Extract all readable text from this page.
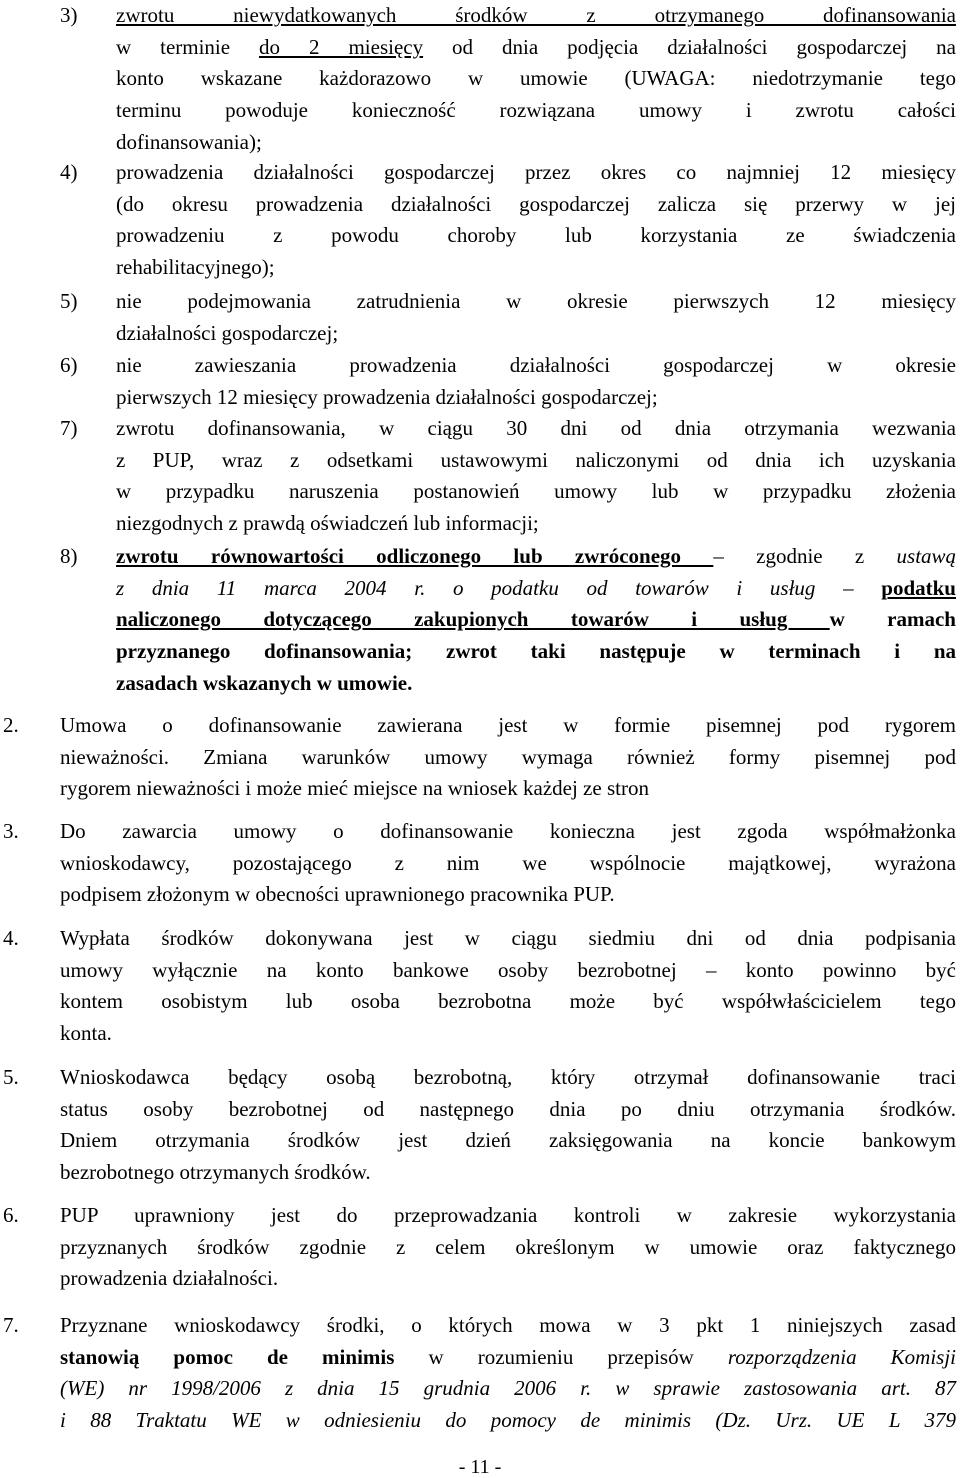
3) zwrotu niewydatkowanych środków z otrzymanego dofinansowania
w terminie do 2 miesięcy od dnia podjęcia działalności gospodarczej na
konto wskazane każdorazowo w umowie (UWAGA: niedotrzymanie tego
terminu powoduje konieczność rozwiązana umowy i zwrotu całości
dofinansowania);
4) prowadzenia działalności gospodarczej przez okres co najmniej 12 miesięcy
(do okresu prowadzenia działalności gospodarczej zalicza się przerwy w jej
prowadzeniu z powodu choroby lub korzystania ze świadczenia
rehabilitacyjnego);
5) nie podejmowania zatrudnienia w okresie pierwszych 12 miesięcy
działalności gospodarczej;
6) nie zawieszania prowadzenia działalności gospodarczej w okresie
pierwszych 12 miesięcy prowadzenia działalności gospodarczej;
7) zwrotu dofinansowania, w ciągu 30 dni od dnia otrzymania wezwania
z PUP, wraz z odsetkami ustawowymi naliczonymi od dnia ich uzyskania
w przypadku naruszenia postanowień umowy lub w przypadku złożenia
niezgodnych z prawdą oświadczeń lub informacji;
8) zwrotu równowartości odliczonego lub zwróconego – zgodnie z ustawą
z dnia 11 marca 2004 r. o podatku od towarów i usług – podatku
naliczonego dotyczącego zakupionych towarów i usług w ramach
przyznanego dofinansowania; zwrot taki następuje w terminach i na
zasadach wskazanych w umowie.
2. Umowa o dofinansowanie zawierana jest w formie pisemnej pod rygorem
nieważności. Zmiana warunków umowy wymaga również formy pisemnej pod
rygorem nieważności i może mieć miejsce na wniosek każdej ze stron
3. Do zawarcia umowy o dofinansowanie konieczna jest zgoda współmałżonka
wnioskodawcy, pozostającego z nim we wspólnocie majątkowej, wyrażona
podpisem złożonym w obecności uprawnionego pracownika PUP.
4. Wypłata środków dokonywana jest w ciągu siedmiu dni od dnia podpisania
umowy wyłącznie na konto bankowe osoby bezrobotnej – konto powinno być
kontem osobistym lub osoba bezrobotna może być współwłaścicielem tego
konta.
5. Wnioskodawca będący osobą bezrobotną, który otrzymał dofinansowanie traci
status osoby bezrobotnej od następnego dnia po dniu otrzymania środków.
Dniem otrzymania środków jest dzień zaksięgowania na koncie bankowym
bezrobotnego otrzymanych środków.
6. PUP uprawniony jest do przeprowadzania kontroli w zakresie wykorzystania
przyznanych środków zgodnie z celem określonym w umowie oraz faktycznego
prowadzenia działalności.
7. Przyznane wnioskodawcy środki, o których mowa w 3 pkt 1 niniejszych zasad
stanowią pomoc de minimis w rozumieniu przepisów rozporządzenia Komisji
(WE) nr 1998/2006 z dnia 15 grudnia 2006 r. w sprawie zastosowania art. 87
i 88 Traktatu WE w odniesieniu do pomocy de minimis (Dz. Urz. UE L 379
- 11 -
